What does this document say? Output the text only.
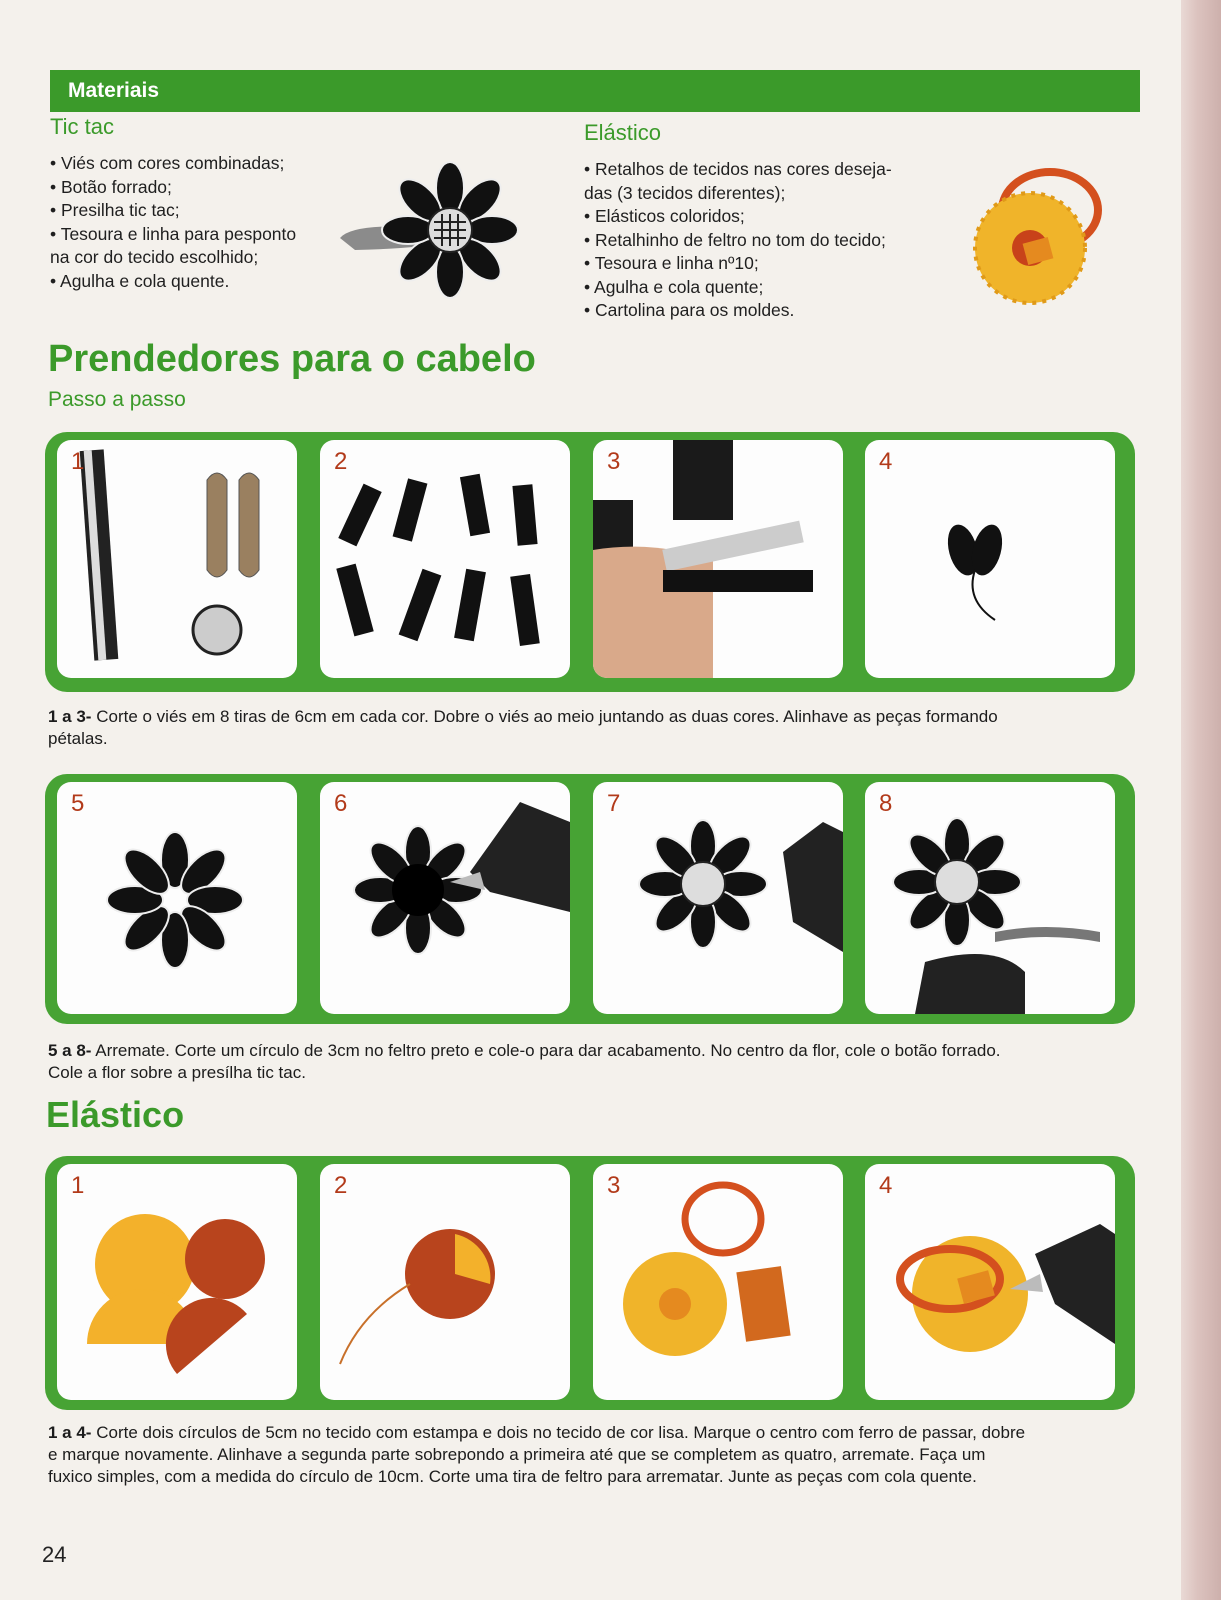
Materiais
Tic tac
• Viés com cores combinadas;
• Botão forrado;
• Presilha tic tac;
• Tesoura e linha para pesponto
na cor do tecido escolhido;
• Agulha e cola quente.
Elástico
• Retalhos de tecidos nas cores deseja-
das (3 tecidos diferentes);
• Elásticos coloridos;
• Retalhinho de feltro no tom do tecido;
• Tesoura e linha nº10;
• Agulha e cola quente;
• Cartolina para os moldes.
Prendedores para o cabelo
Passo a passo
1	2	3	4
1 a 3- Corte o viés em 8 tiras de 6cm em cada cor. Dobre o viés ao meio juntando as duas cores. Alinhave as peças formando
pétalas.
5	6	7	8
5 a 8- Arremate. Corte um círculo de 3cm no feltro preto e cole-o para dar acabamento. No centro da flor, cole o botão forrado.
Cole a flor sobre a presílha tic tac.
Elástico
1	2	3	4
1 a 4- Corte dois círculos de 5cm no tecido com estampa e dois no tecido de cor lisa. Marque o centro com ferro de passar, dobre
e marque novamente. Alinhave a segunda parte sobrepondo a primeira até que se completem as quatro, arremate. Faça um
fuxico simples, com a medida do círculo de 10cm. Corte uma tira de feltro para arrematar. Junte as peças com cola quente.
24
